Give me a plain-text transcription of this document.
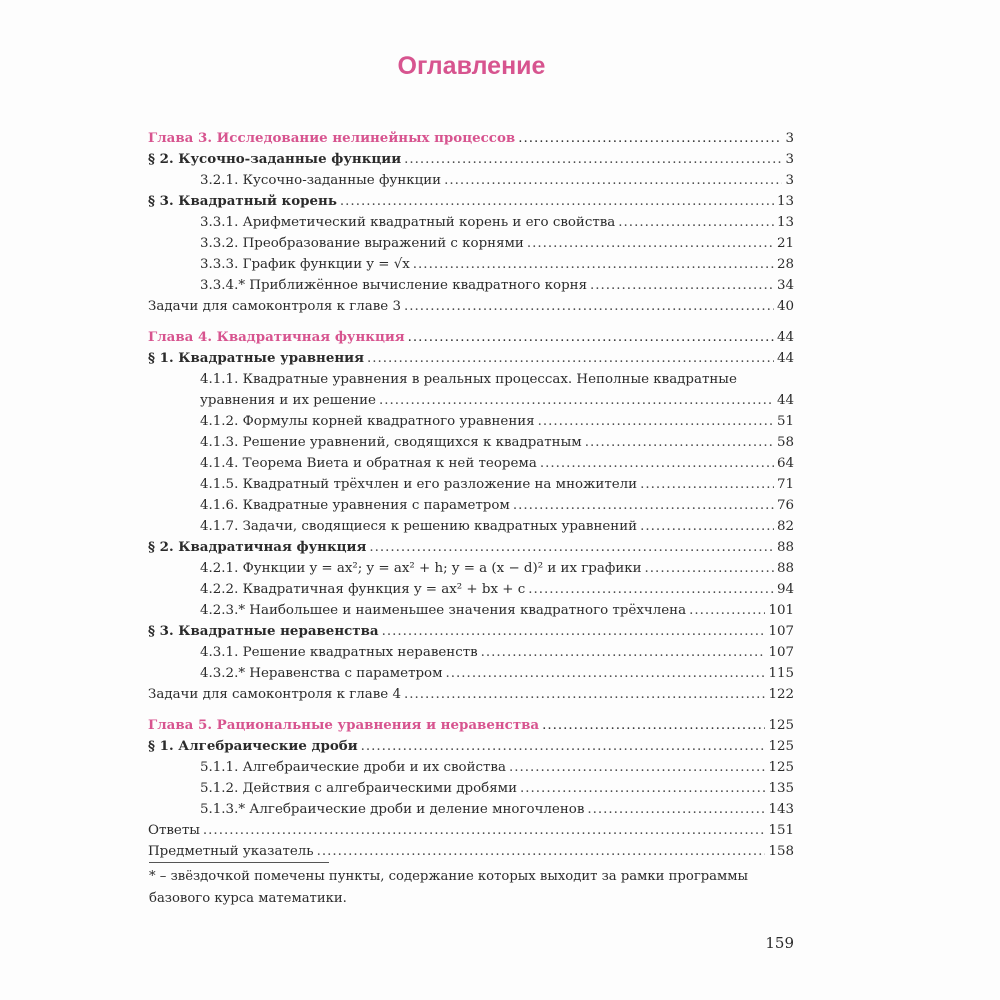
Оглавление
Глава 3. Исследование нелинейных процессов .....	3
§ 2. Кусочно-заданные функции .....	3
3.2.1. Кусочно-заданные функции .....	3
§ 3. Квадратный корень .....	13
3.3.1. Арифметический квадратный корень и его свойства .....	13
3.3.2. Преобразование выражений с корнями .....	21
3.3.3. График функции y = √x .....	28
3.3.4.* Приближённое вычисление квадратного корня .....	34
Задачи для самоконтроля к главе 3 .....	40
Глава 4. Квадратичная функция .....	44
§ 1. Квадратные уравнения .....	44
4.1.1. Квадратные уравнения в реальных процессах. Неполные квадратные
уравнения и их решение .....	44
4.1.2. Формулы корней квадратного уравнения .....	51
4.1.3. Решение уравнений, сводящихся к квадратным .....	58
4.1.4. Теорема Виета и обратная к ней теорема .....	64
4.1.5. Квадратный трёхчлен и его разложение на множители .....	71
4.1.6. Квадратные уравнения с параметром .....	76
4.1.7. Задачи, сводящиеся к решению квадратных уравнений .....	82
§ 2. Квадратичная функция .....	88
4.2.1. Функции y = ax²; y = ax² + h; y = a (x − d)² и их графики .....	88
4.2.2. Квадратичная функция y = ax² + bx + c .....	94
4.2.3.* Наибольшее и наименьшее значения квадратного трёхчлена .....	101
§ 3. Квадратные неравенства .....	107
4.3.1. Решение квадратных неравенств .....	107
4.3.2.* Неравенства с параметром .....	115
Задачи для самоконтроля к главе 4 .....	122
Глава 5. Рациональные уравнения и неравенства .....	125
§ 1. Алгебраические дроби .....	125
5.1.1. Алгебраические дроби и их свойства .....	125
5.1.2. Действия с алгебраическими дробями .....	135
5.1.3.* Алгебраические дроби и деление многочленов .....	143
Ответы .....	151
Предметный указатель .....	158
* – звёздочкой помечены пункты, содержание которых выходит за рамки программы базового курса математики.
159
